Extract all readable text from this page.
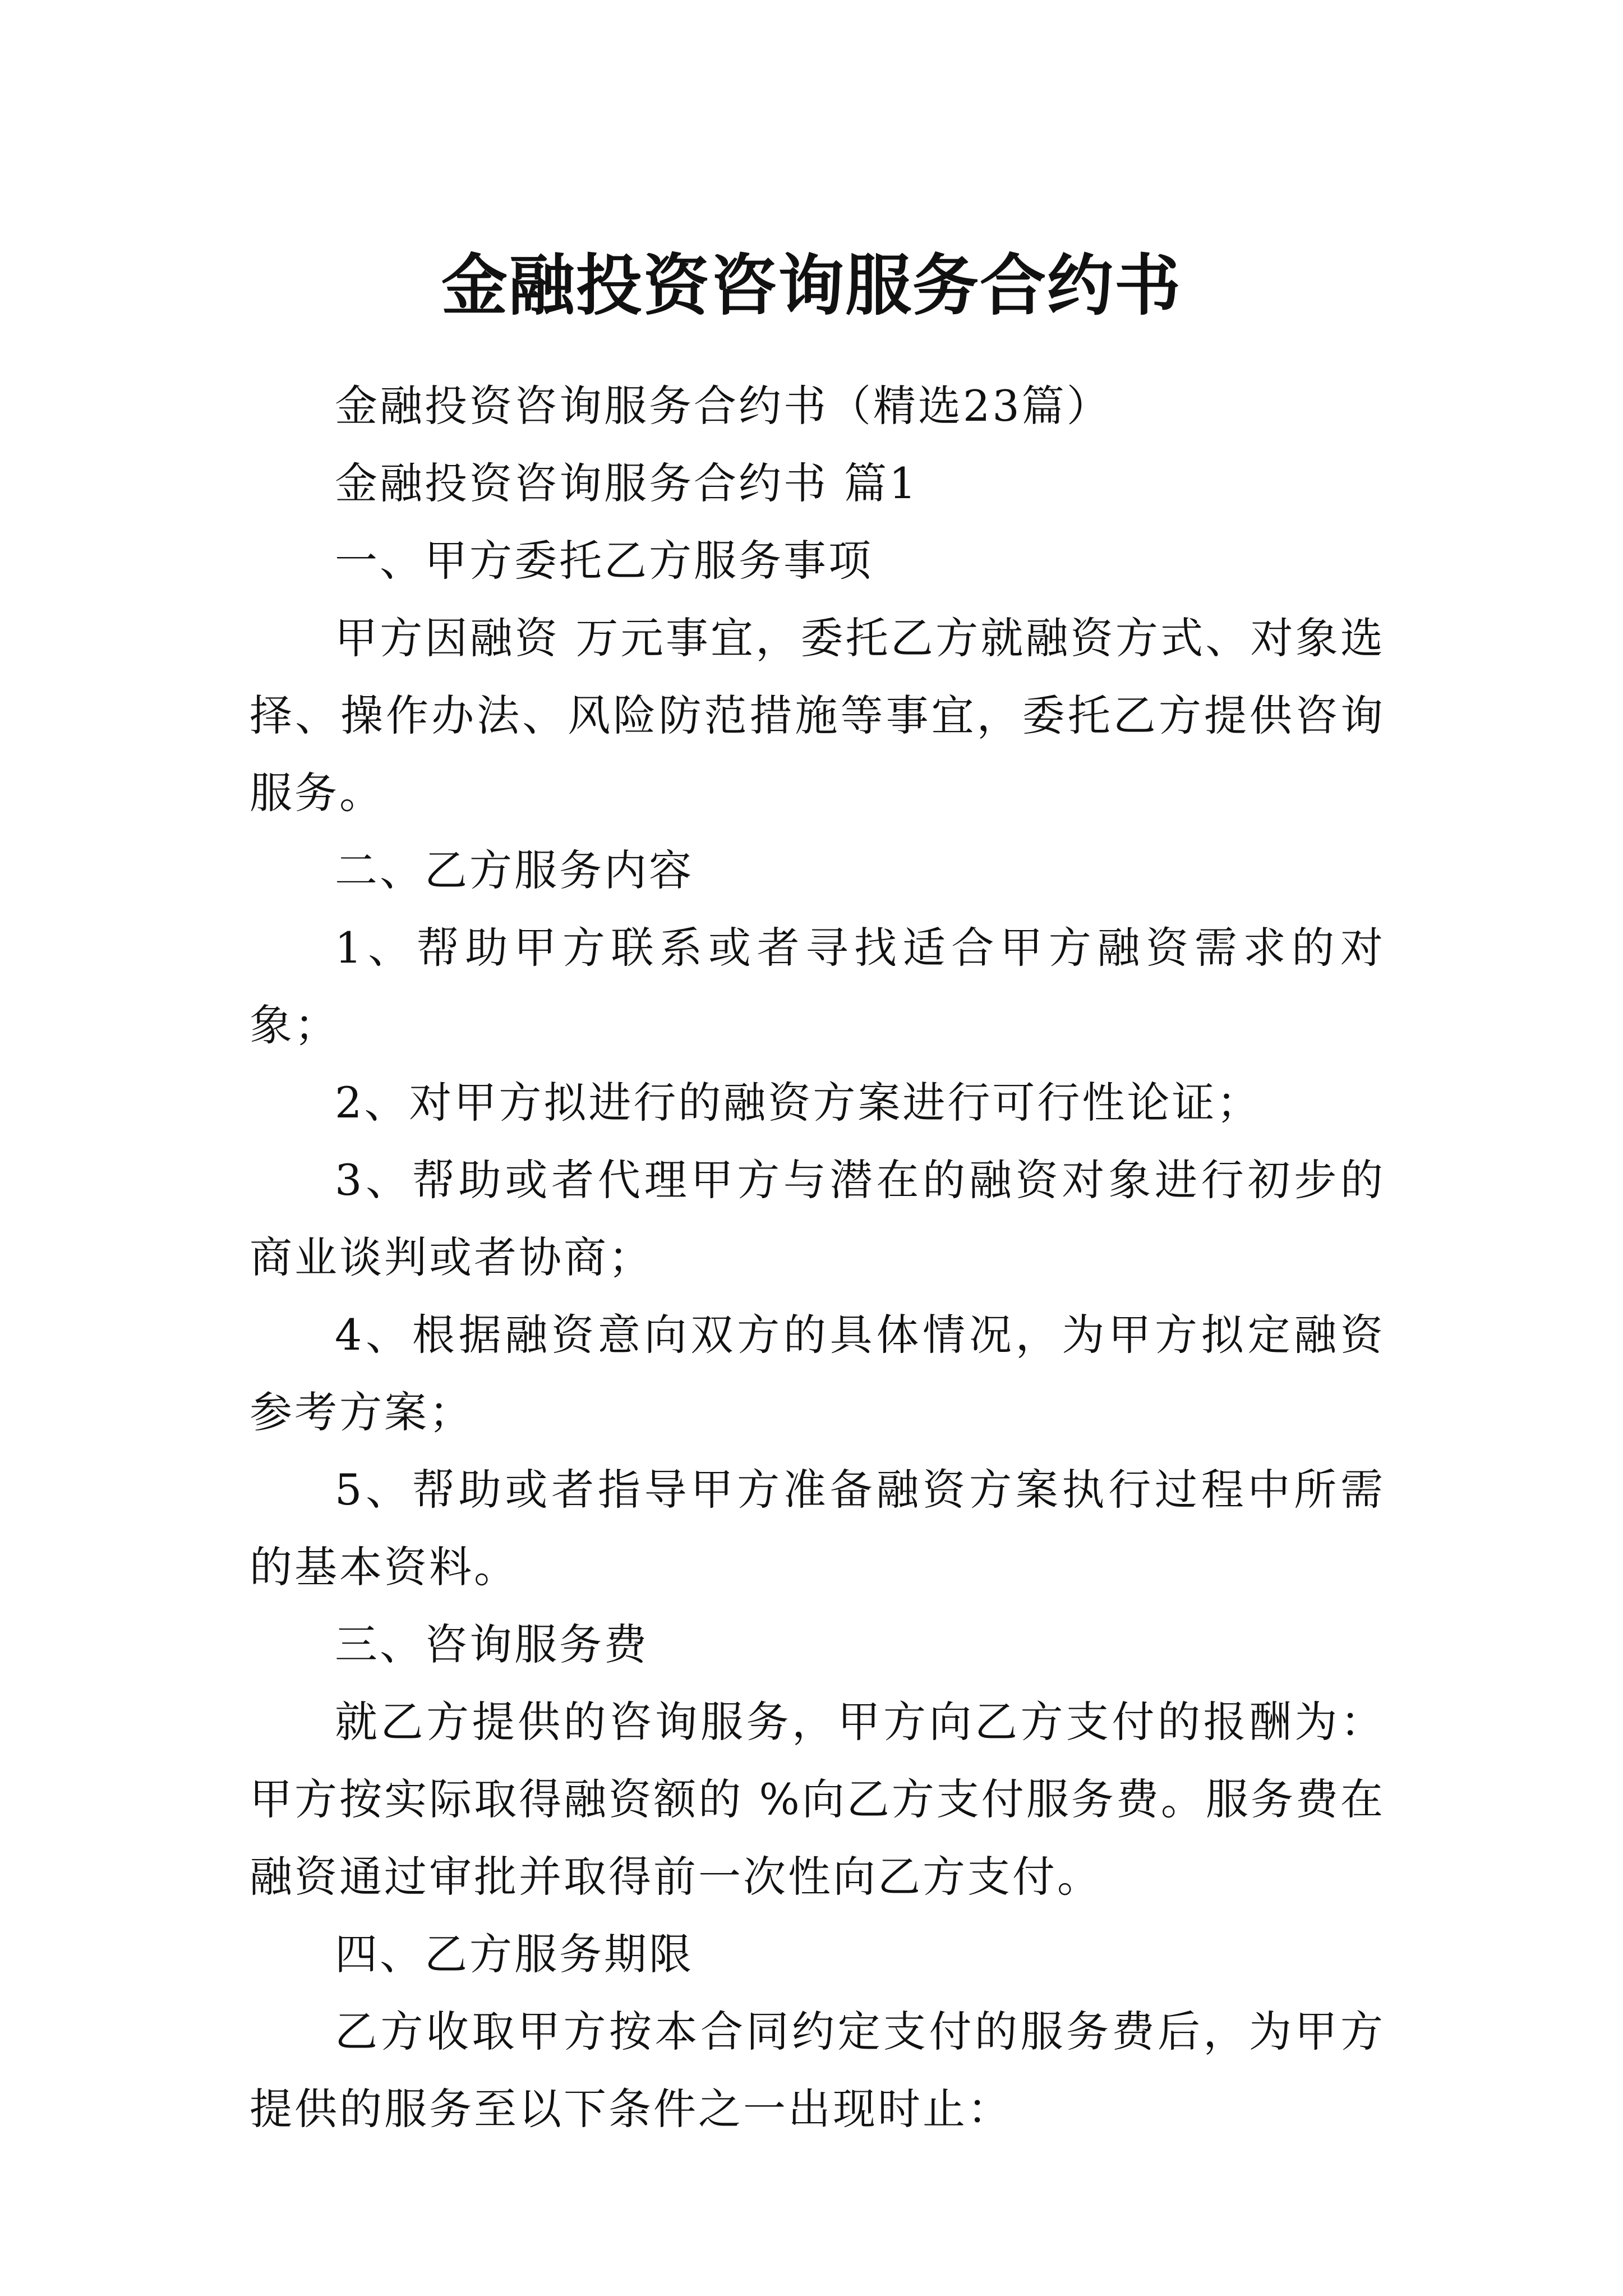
金融投资咨询服务合约书

金融投资咨询服务合约书（精选23篇）

金融投资咨询服务合约书 篇1

一、甲方委托乙方服务事项

甲方因融资 万元事宜，委托乙方就融资方式、对象选择、操作办法、风险防范措施等事宜，委托乙方提供咨询服务。

二、乙方服务内容

1、帮助甲方联系或者寻找适合甲方融资需求的对象；

2、对甲方拟进行的融资方案进行可行性论证；

3、帮助或者代理甲方与潜在的融资对象进行初步的商业谈判或者协商；

4、根据融资意向双方的具体情况，为甲方拟定融资参考方案；

5、帮助或者指导甲方准备融资方案执行过程中所需的基本资料。

三、咨询服务费

就乙方提供的咨询服务，甲方向乙方支付的报酬为：甲方按实际取得融资额的 %向乙方支付服务费。服务费在融资通过审批并取得前一次性向乙方支付。

四、乙方服务期限

乙方收取甲方按本合同约定支付的服务费后，为甲方提供的服务至以下条件之一出现时止：
